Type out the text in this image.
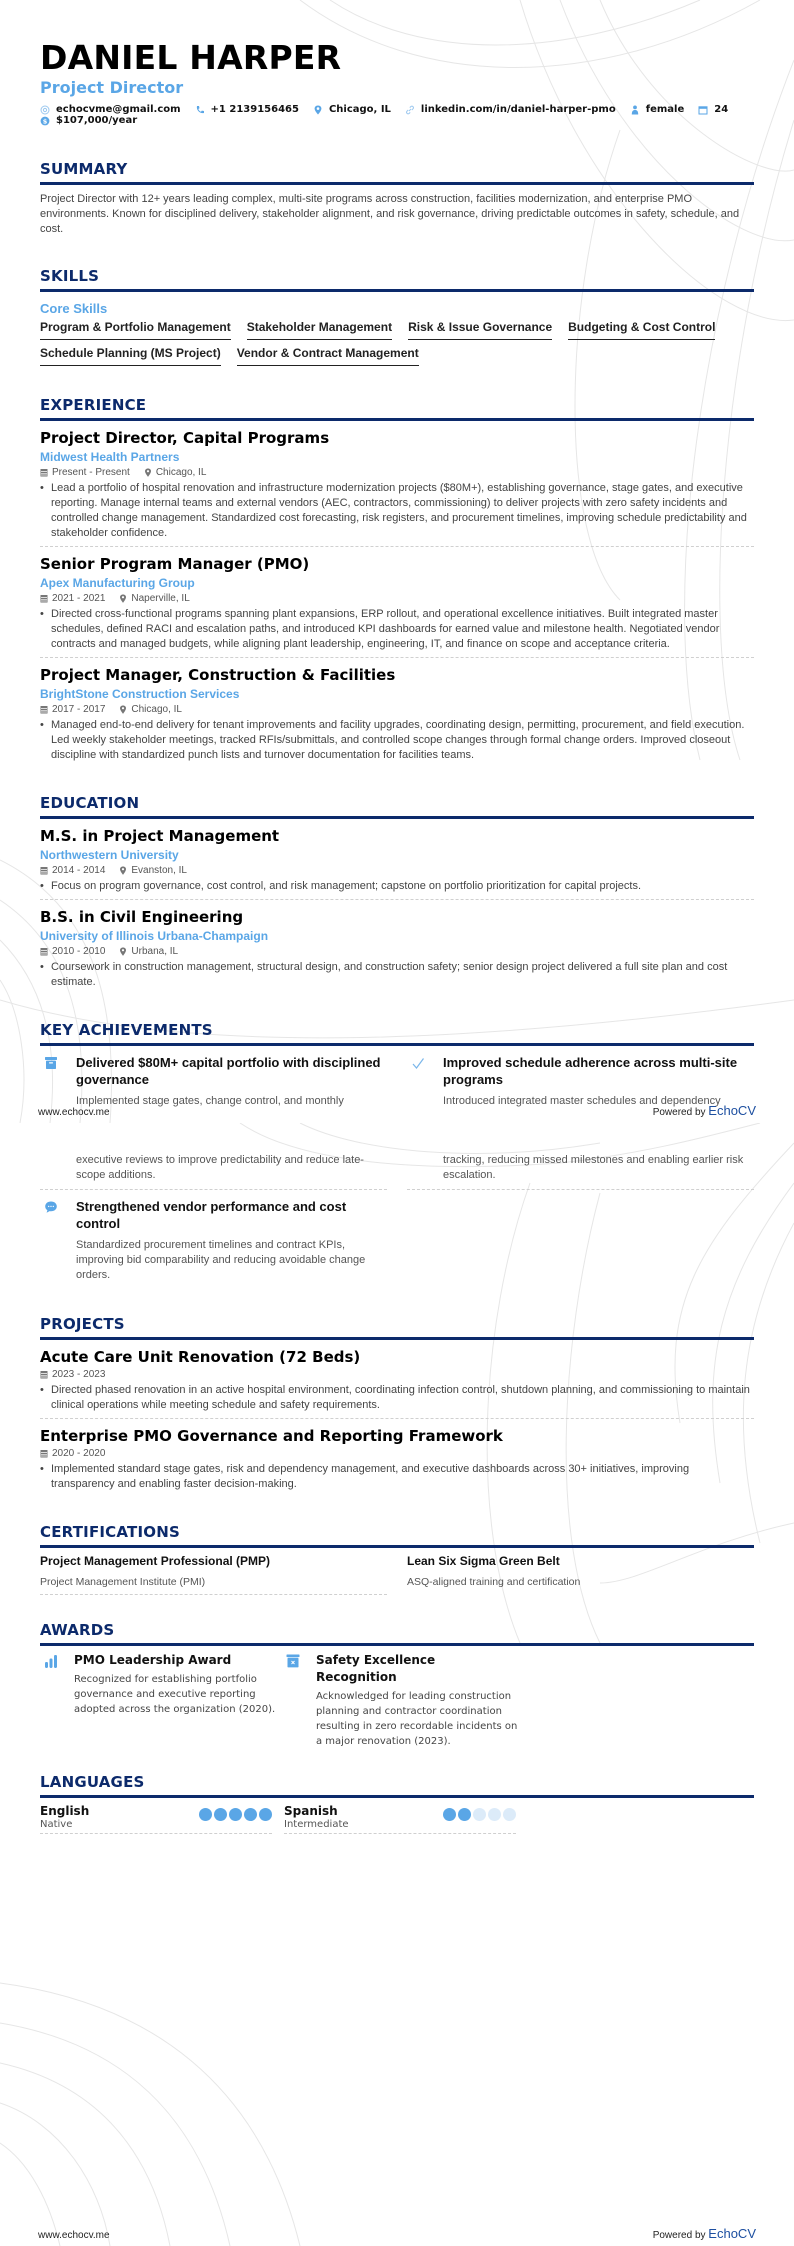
DANIEL HARPER
Project Director
echocvme@gmail.com	+1 2139156465	Chicago, IL	linkedin.com/in/daniel-harper-pmo	female	24
$ $107,000/year
SUMMARY

Project Director with 12+ years leading complex, multi-site programs across construction, facilities modernization, and enterprise PMO environments. Known for disciplined delivery, stakeholder alignment, and risk governance, driving predictable outcomes in safety, schedule, and cost.

SKILLS
Core Skills
Program & Portfolio Management Stakeholder Management Risk & Issue Governance Budgeting & Cost Control
Schedule Planning (MS Project) Vendor & Contract Management
EXPERIENCE
Project Director, Capital Programs
Midwest Health Partners
Present - Present	Chicago, IL
• Lead a portfolio of hospital renovation and infrastructure modernization projects ($80M+), establishing governance, stage gates, and executive reporting. Manage internal teams and external vendors (AEC, contractors, commissioning) to deliver projects with zero safety incidents and controlled change management. Standardized cost forecasting, risk registers, and procurement timelines, improving schedule predictability and stakeholder confidence.
Senior Program Manager (PMO)
Apex Manufacturing Group
2021 - 2021	Naperville, IL
• Directed cross-functional programs spanning plant expansions, ERP rollout, and operational excellence initiatives. Built integrated master schedules, defined RACI and escalation paths, and introduced KPI dashboards for earned value and milestone health. Negotiated vendor contracts and managed budgets, while aligning plant leadership, engineering, IT, and finance on scope and acceptance criteria.
Project Manager, Construction & Facilities
BrightStone Construction Services
2017 - 2017	Chicago, IL
• Managed end-to-end delivery for tenant improvements and facility upgrades, coordinating design, permitting, procurement, and field execution. Led weekly stakeholder meetings, tracked RFIs/submittals, and controlled scope changes through formal change orders. Improved closeout discipline with standardized punch lists and turnover documentation for facilities teams.
EDUCATION
M.S. in Project Management
Northwestern University
2014 - 2014	Evanston, IL
• Focus on program governance, cost control, and risk management; capstone on portfolio prioritization for capital projects.
B.S. in Civil Engineering
University of Illinois Urbana-Champaign
2010 - 2010	Urbana, IL
• Coursework in construction management, structural design, and construction safety; senior design project delivered a full site plan and cost estimate.
KEY ACHIEVEMENTS
Delivered $80M+ capital portfolio with disciplined governance
Implemented stage gates, change control, and monthly
Improved schedule adherence across multi-site programs
Introduced integrated master schedules and dependency
www.echocv.me	Powered by EchoCV
executive reviews to improve predictability and reduce late-scope additions.
tracking, reducing missed milestones and enabling earlier risk escalation.
Strengthened vendor performance and cost control
Standardized procurement timelines and contract KPIs, improving bid comparability and reducing avoidable change orders.
PROJECTS
Acute Care Unit Renovation (72 Beds)
2023 - 2023
• Directed phased renovation in an active hospital environment, coordinating infection control, shutdown planning, and commissioning to maintain clinical operations while meeting schedule and safety requirements.
Enterprise PMO Governance and Reporting Framework
2020 - 2020
• Implemented standard stage gates, risk and dependency management, and executive dashboards across 30+ initiatives, improving transparency and enabling faster decision-making.
CERTIFICATIONS
Project Management Professional (PMP)
Project Management Institute (PMI)
Lean Six Sigma Green Belt
ASQ-aligned training and certification
AWARDS
PMO Leadership Award
Recognized for establishing portfolio governance and executive reporting adopted across the organization (2020).
Safety Excellence Recognition
Acknowledged for leading construction planning and contractor coordination resulting in zero recordable incidents on a major renovation (2023).
LANGUAGES
English
Native
Spanish
Intermediate
www.echocv.me	Powered by EchoCV
